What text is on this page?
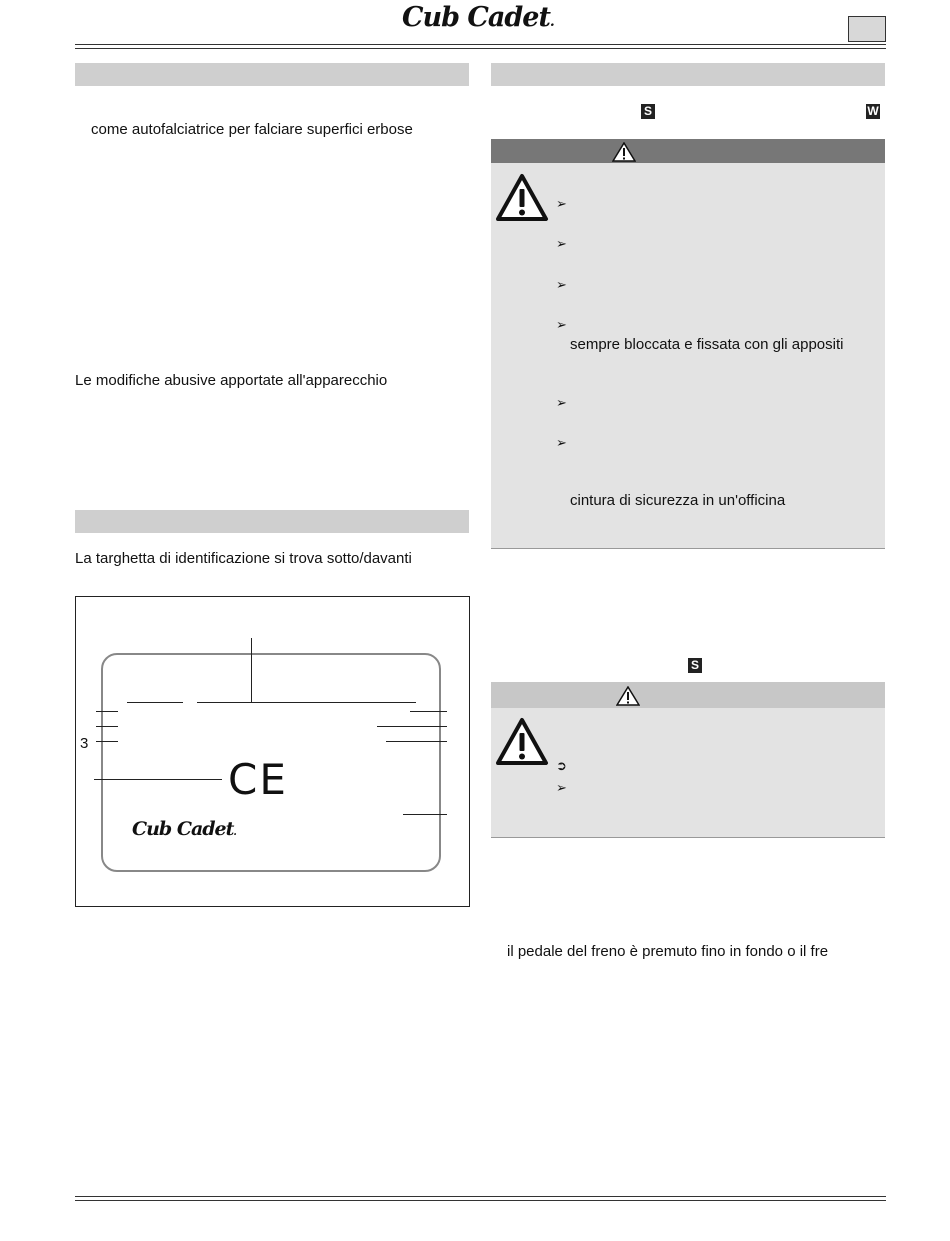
Cub Cadet.
come autofalciatrice per falciare superfici erbose
Le modifiche abusive apportate all'apparecchio
La targhetta di identificazione si trova sotto/davanti
3
CE
Cub Cadet.
S	W
➢
➢
➢
➢
sempre bloccata e fissata con gli appositi
➢
➢
cintura di sicurezza in un'officina
S
➲
➢
il pedale del freno è premuto fino in fondo o il fre
